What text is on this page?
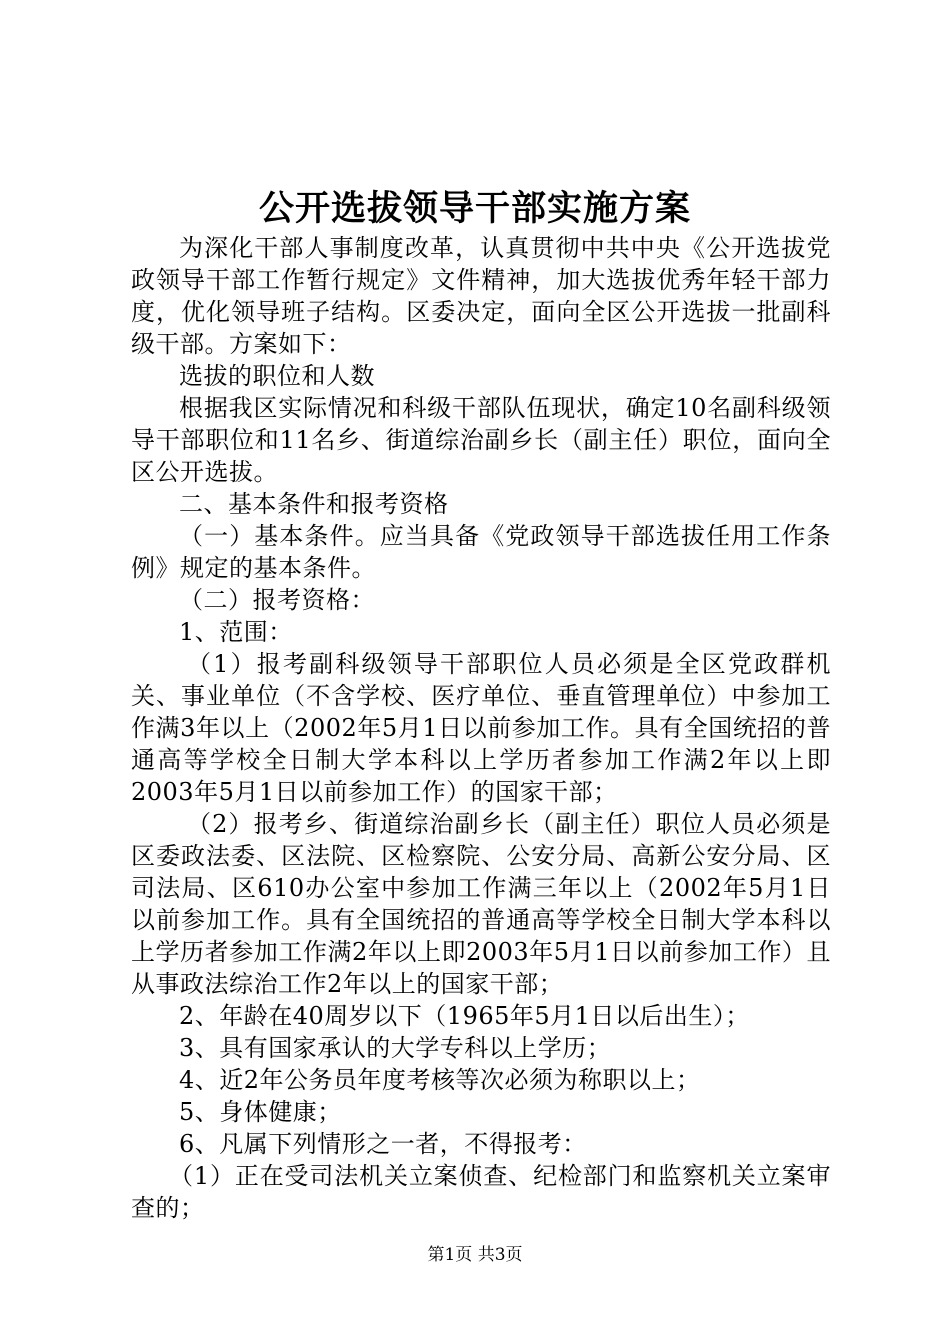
公开选拔领导干部实施方案

为深化干部人事制度改革，认真贯彻中共中央《公开选拔党政领导干部工作暂行规定》文件精神，加大选拔优秀年轻干部力度，优化领导班子结构。区委决定，面向全区公开选拔一批副科级干部。方案如下：

选拔的职位和人数

根据我区实际情况和科级干部队伍现状，确定10名副科级领导干部职位和11名乡、街道综治副乡长（副主任）职位，面向全区公开选拔。

二、基本条件和报考资格

（一）基本条件。应当具备《党政领导干部选拔任用工作条例》规定的基本条件。

（二）报考资格：

1、范围：

（1）报考副科级领导干部职位人员必须是全区党政群机关、事业单位（不含学校、医疗单位、垂直管理单位）中参加工作满3年以上（2002年5月1日以前参加工作。具有全国统招的普通高等学校全日制大学本科以上学历者参加工作满2年以上即2003年5月1日以前参加工作）的国家干部；

（2）报考乡、街道综治副乡长（副主任）职位人员必须是区委政法委、区法院、区检察院、公安分局、高新公安分局、区司法局、区610办公室中参加工作满三年以上（2002年5月1日以前参加工作。具有全国统招的普通高等学校全日制大学本科以上学历者参加工作满2年以上即2003年5月1日以前参加工作）且从事政法综治工作2年以上的国家干部；

2、年龄在40周岁以下（1965年5月1日以后出生）；

3、具有国家承认的大学专科以上学历；

4、近2年公务员年度考核等次必须为称职以上；

5、身体健康；

6、凡属下列情形之一者，不得报考：

（1）正在受司法机关立案侦查、纪检部门和监察机关立案审查的；

第1页 共3页
